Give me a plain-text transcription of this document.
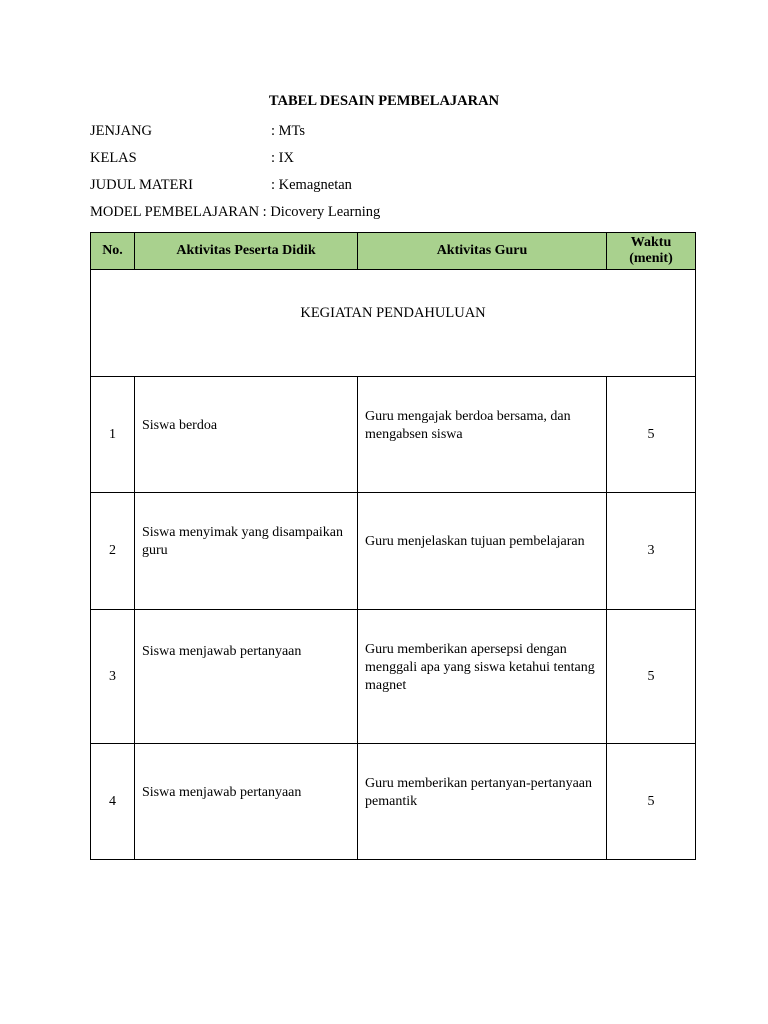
TABEL DESAIN PEMBELAJARAN
JENJANG	: MTs
KELAS	: IX
JUDUL MATERI	: Kemagnetan
MODEL PEMBELAJARAN : Dicovery Learning
No.	Aktivitas Peserta Didik	Aktivitas Guru	Waktu
(menit)

KEGIATAN PENDAHULUAN			

1	Siswa berdoa	Guru mengajak berdoa bersama, dan mengabsen siswa	5
2	Siswa menyimak yang disampaikan guru	Guru menjelaskan tujuan pembelajaran	3
3	Siswa menjawab pertanyaan	Guru memberikan apersepsi dengan menggali apa yang siswa ketahui tentang magnet	5
4	Siswa menjawab pertanyaan	Guru memberikan pertanyan-pertanyaan pemantik	5
